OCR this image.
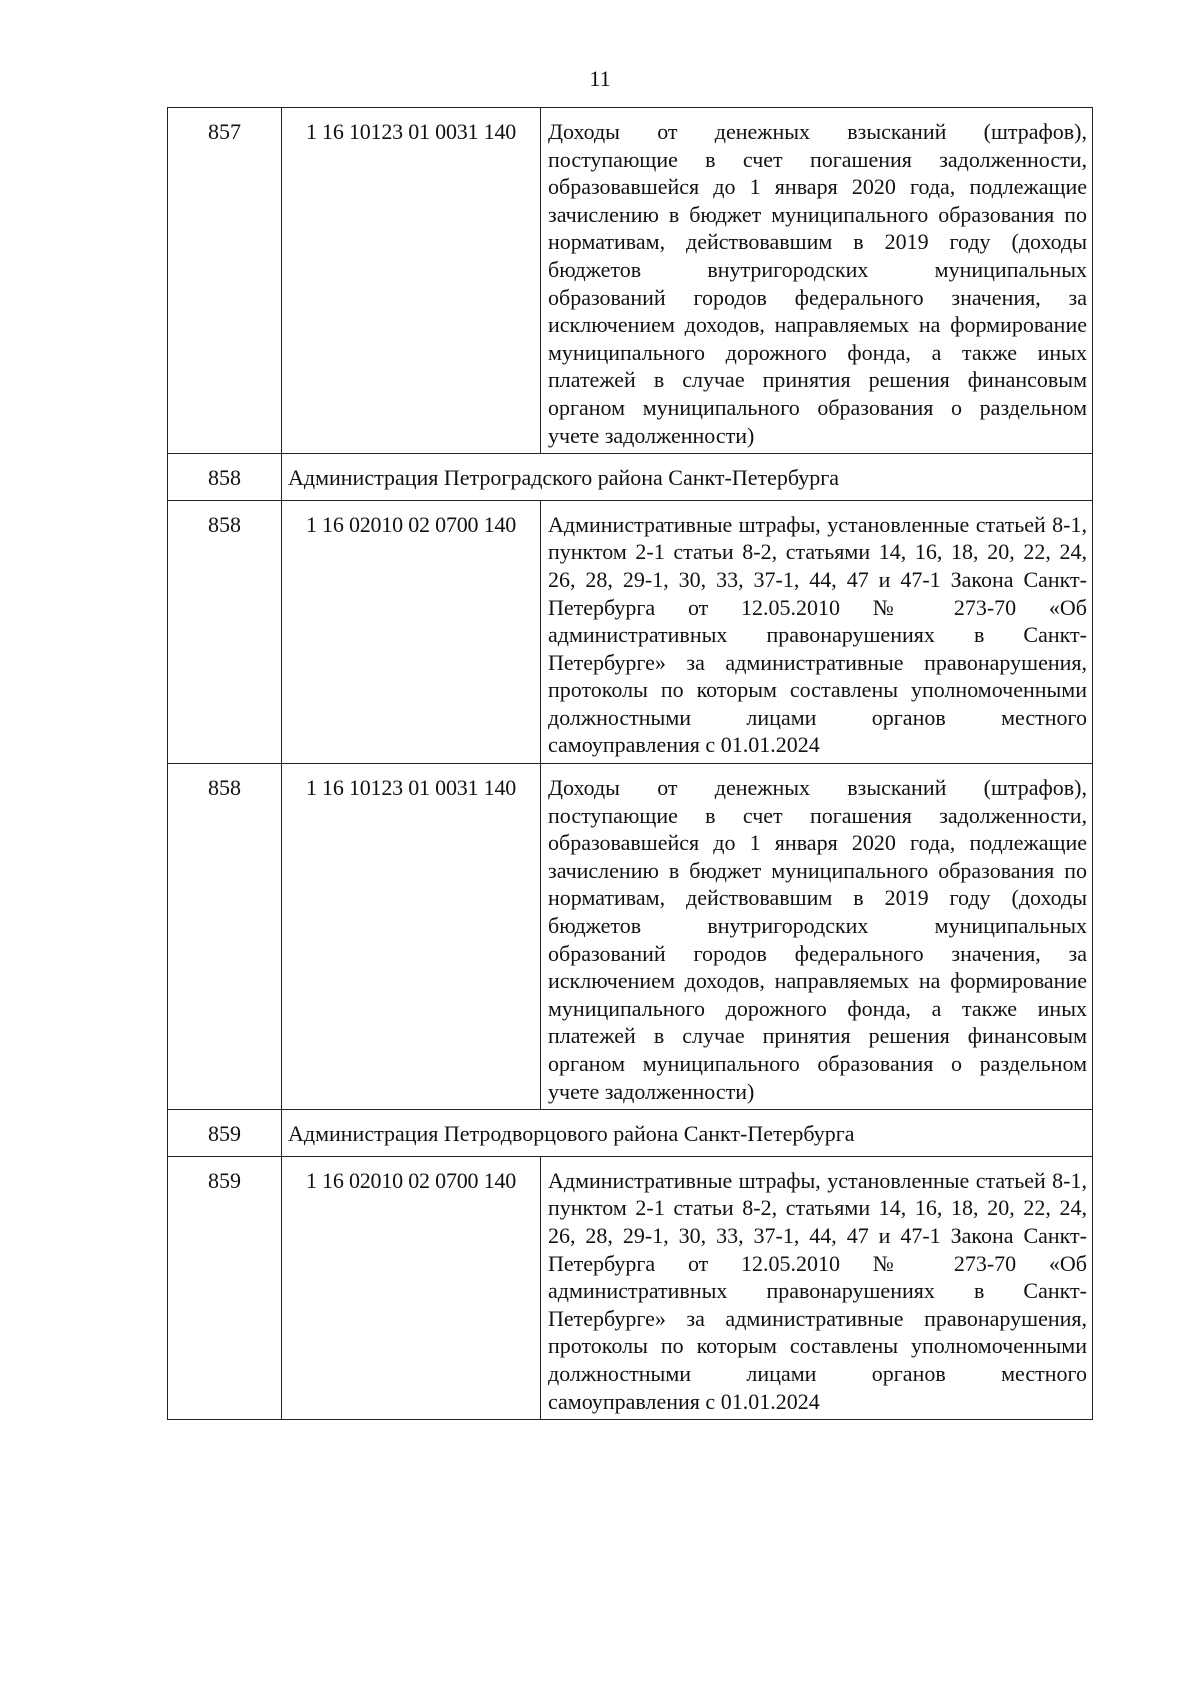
11
857	1 16 10123 01 0031 140	Доходы от денежных взысканий (штрафов), поступающие в счет погашения задолженности, образовавшейся до 1 января 2020 года, подлежащие зачислению в бюджет муниципального образования по нормативам, действовавшим в 2019 году (доходы бюджетов внутригородских муниципальных образований городов федерального значения, за исключением доходов, направляемых на формирование муниципального дорожного фонда, а также иных платежей в случае принятия решения финансовым органом муниципального образования о раздельном учете задолженности)

858	Администрация Петроградского района Санкт-Петербурга	
858	1 16 02010 02 0700 140	Административные штрафы, установленные статьей 8-1, пунктом 2-1 статьи 8-2, статьями 14, 16, 18, 20, 22, 24, 26, 28, 29-1, 30, 33, 37-1, 44, 47 и 47-1 Закона Санкт-Петербурга от 12.05.2010 № 273-70 «Об административных правонарушениях в Санкт-Петербурге» за административные правонарушения, протоколы по которым составлены уполномоченными должностными лицами органов местного самоуправления с 01.01.2024

858	1 16 10123 01 0031 140	Доходы от денежных взысканий (штрафов), поступающие в счет погашения задолженности, образовавшейся до 1 января 2020 года, подлежащие зачислению в бюджет муниципального образования по нормативам, действовавшим в 2019 году (доходы бюджетов внутригородских муниципальных образований городов федерального значения, за исключением доходов, направляемых на формирование муниципального дорожного фонда, а также иных платежей в случае принятия решения финансовым органом муниципального образования о раздельном учете задолженности)

859	Администрация Петродворцового района Санкт-Петербурга	
859	1 16 02010 02 0700 140	Административные штрафы, установленные статьей 8-1, пунктом 2-1 статьи 8-2, статьями 14, 16, 18, 20, 22, 24, 26, 28, 29-1, 30, 33, 37-1, 44, 47 и 47-1 Закона Санкт-Петербурга от 12.05.2010 № 273-70 «Об административных правонарушениях в Санкт-Петербурге» за административные правонарушения, протоколы по которым составлены уполномоченными должностными лицами органов местного самоуправления с 01.01.2024
